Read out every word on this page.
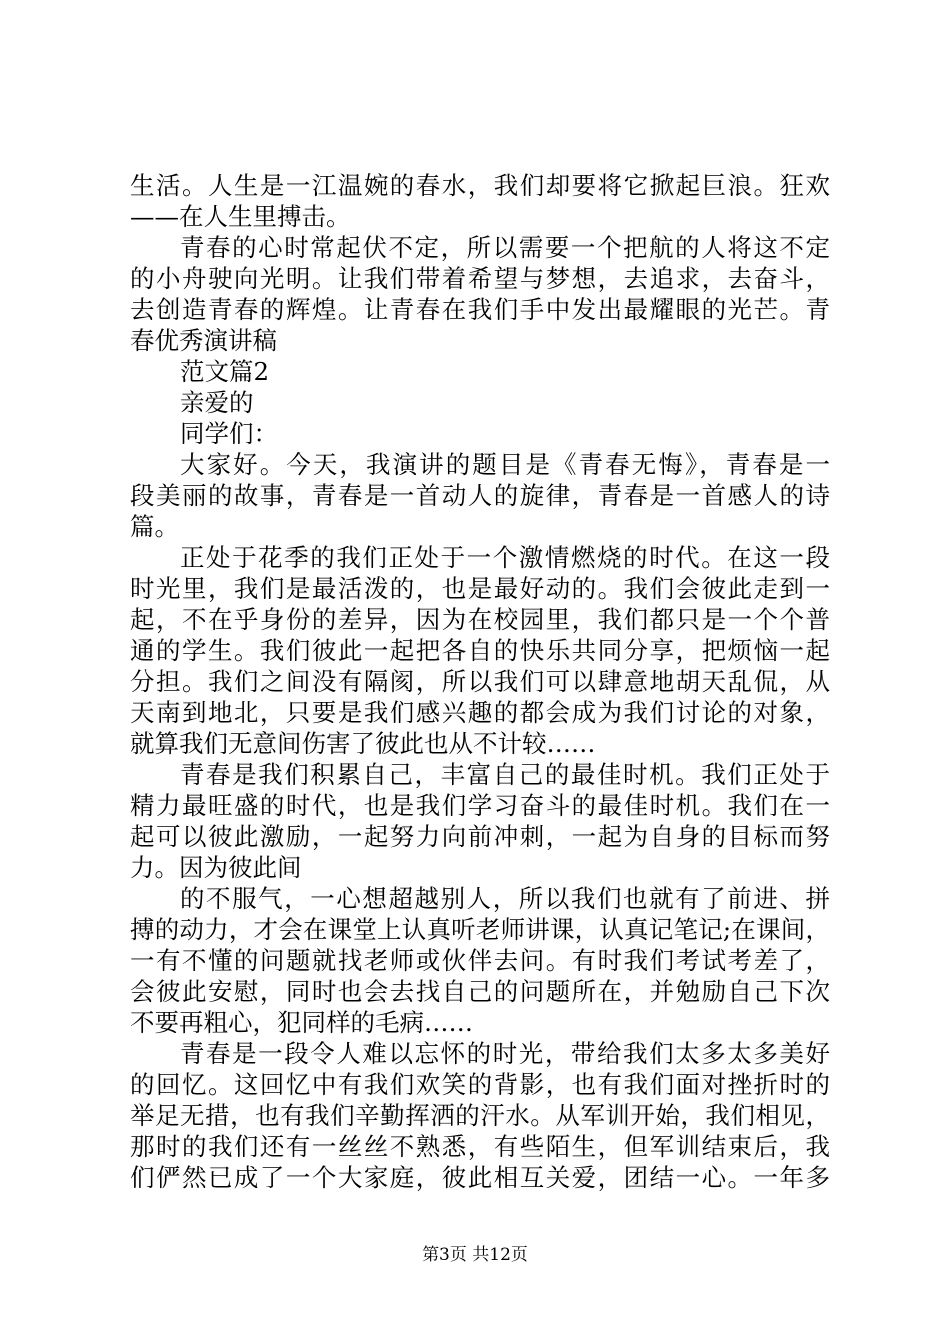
生活。人生是一江温婉的春水，我们却要将它掀起巨浪。狂欢
——在人生里搏击。
青春的心时常起伏不定，所以需要一个把航的人将这不定
的小舟驶向光明。让我们带着希望与梦想，去追求，去奋斗，
去创造青春的辉煌。让青春在我们手中发出最耀眼的光芒。青
春优秀演讲稿
范文篇2
亲爱的
同学们：
大家好。今天，我演讲的题目是《青春无悔》，青春是一
段美丽的故事，青春是一首动人的旋律，青春是一首感人的诗
篇。
正处于花季的我们正处于一个激情燃烧的时代。在这一段
时光里，我们是最活泼的，也是最好动的。我们会彼此走到一
起，不在乎身份的差异，因为在校园里，我们都只是一个个普
通的学生。我们彼此一起把各自的快乐共同分享，把烦恼一起
分担。我们之间没有隔阂，所以我们可以肆意地胡天乱侃，从
天南到地北，只要是我们感兴趣的都会成为我们讨论的对象，
就算我们无意间伤害了彼此也从不计较……
青春是我们积累自己，丰富自己的最佳时机。我们正处于
精力最旺盛的时代，也是我们学习奋斗的最佳时机。我们在一
起可以彼此激励，一起努力向前冲刺，一起为自身的目标而努
力。因为彼此间
的不服气，一心想超越别人，所以我们也就有了前进、拼
搏的动力，才会在课堂上认真听老师讲课，认真记笔记;在课间，
一有不懂的问题就找老师或伙伴去问。有时我们考试考差了，
会彼此安慰，同时也会去找自己的问题所在，并勉励自己下次
不要再粗心，犯同样的毛病……
青春是一段令人难以忘怀的时光，带给我们太多太多美好
的回忆。这回忆中有我们欢笑的背影，也有我们面对挫折时的
举足无措，也有我们辛勤挥洒的汗水。从军训开始，我们相见，
那时的我们还有一丝丝不熟悉，有些陌生，但军训结束后，我
们俨然已成了一个大家庭，彼此相互关爱，团结一心。一年多
第3页 共12页
